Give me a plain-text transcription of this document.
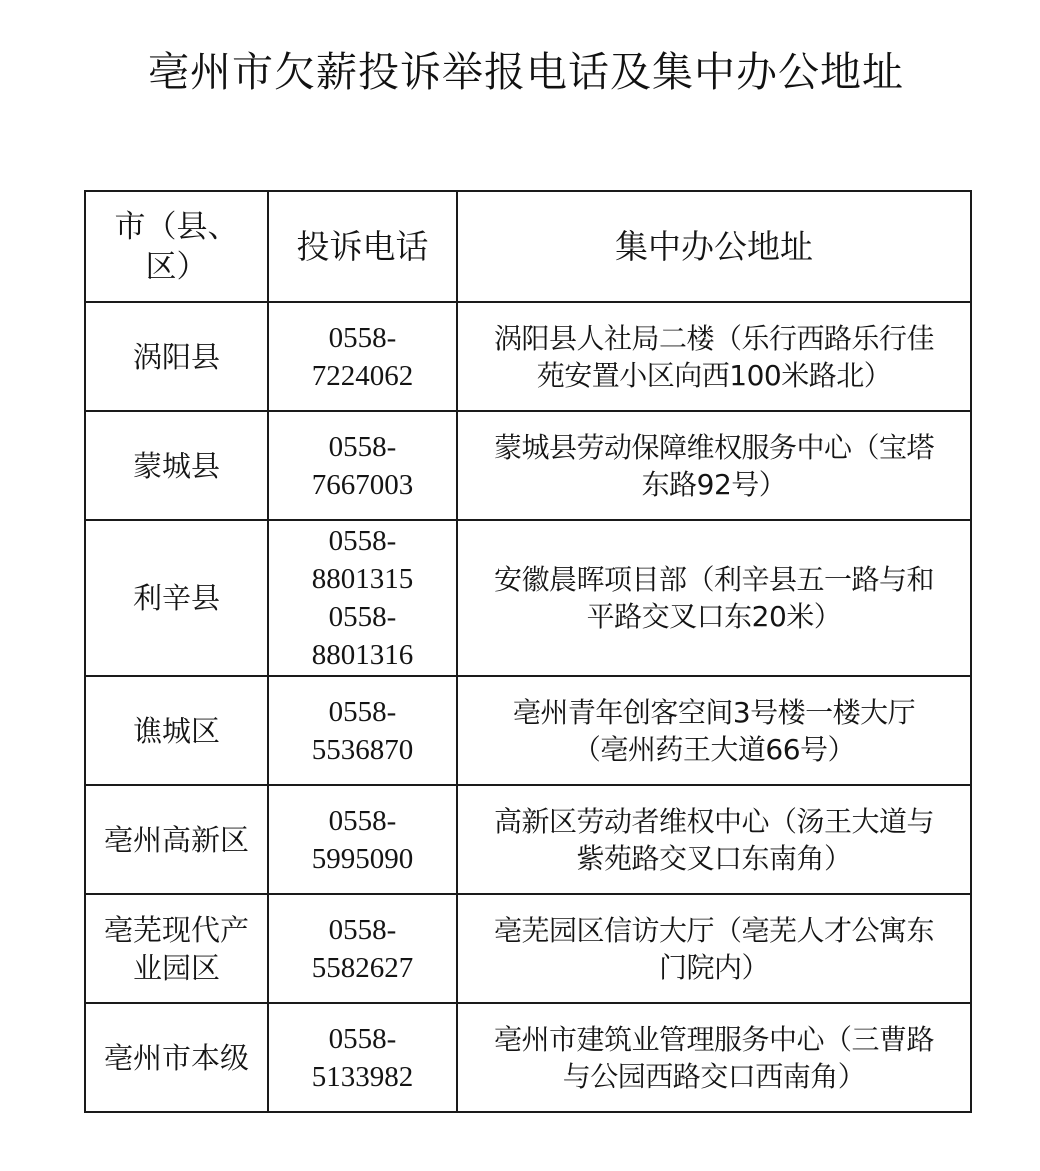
亳州市欠薪投诉举报电话及集中办公地址
市（县、区）	投诉电话	集中办公地址
涡阳县	0558-
7224062	涡阳县人社局二楼（乐行西路乐行佳
苑安置小区向西100米路北）

蒙城县	0558-
7667003	蒙城县劳动保障维权服务中心（宝塔
东路92号）

利辛县	0558-
8801315
0558-
8801316	安徽晨晖项目部（利辛县五一路与和
平路交叉口东20米）

谯城区	0558-
5536870	亳州青年创客空间3号楼一楼大厅
（亳州药王大道66号）

亳州高新区	0558-
5995090	高新区劳动者维权中心（汤王大道与
紫苑路交叉口东南角）

亳芜现代产业园区	0558-
5582627	亳芜园区信访大厅（亳芜人才公寓东
门院内）

亳州市本级	0558-
5133982	亳州市建筑业管理服务中心（三曹路
与公园西路交口西南角）
